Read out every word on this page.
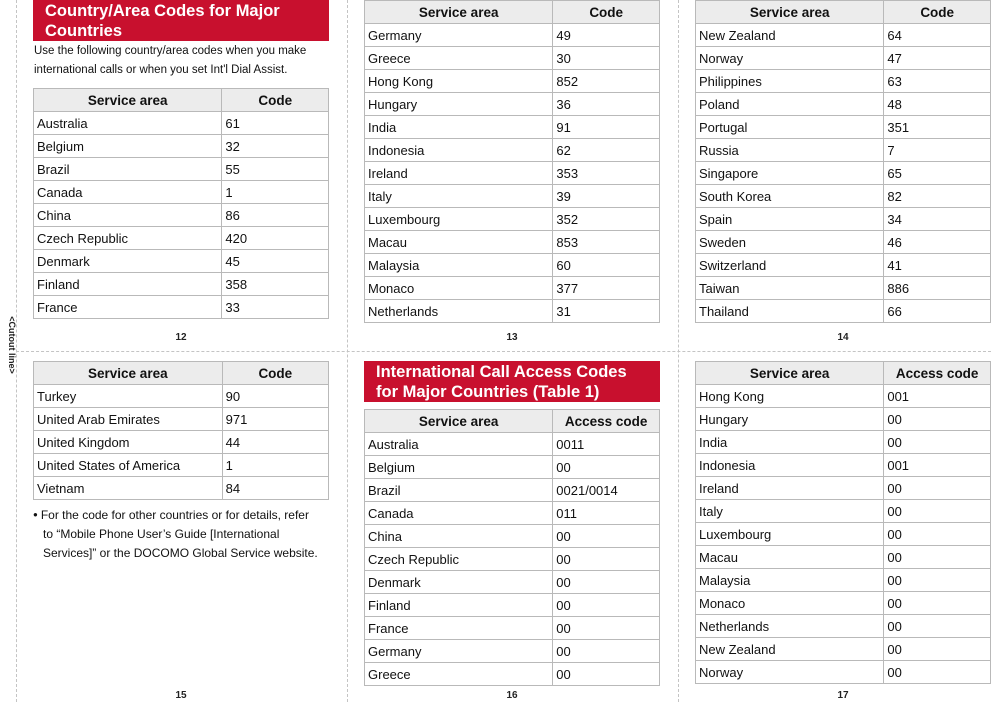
<Cutout line>
Country/Area Codes for Major Countries
Use the following country/area codes when you make international calls or when you set Int'l Dial Assist.
Service area	Code
Australia	61
Belgium	32
Brazil	55
Canada	1
China	86
Czech Republic	420
Denmark	45
Finland	358
France	33
12
Service area	Code
Germany	49
Greece	30
Hong Kong	852
Hungary	36
India	91
Indonesia	62
Ireland	353
Italy	39
Luxembourg	352
Macau	853
Malaysia	60
Monaco	377
Netherlands	31
13
Service area	Code
New Zealand	64
Norway	47
Philippines	63
Poland	48
Portugal	351
Russia	7
Singapore	65
South Korea	82
Spain	34
Sweden	46
Switzerland	41
Taiwan	886
Thailand	66
14
Service area	Code
Turkey	90
United Arab Emirates	971
United Kingdom	44
United States of America	1
Vietnam	84
● For the code for other countries or for details, refer
to “Mobile Phone User’s Guide [International
Services]” or the DOCOMO Global Service website.
15
International Call Access Codes for Major Countries (Table 1)
Service area	Access code
Australia	0011
Belgium	00
Brazil	0021/0014
Canada	011
China	00
Czech Republic	00
Denmark	00
Finland	00
France	00
Germany	00
Greece	00
16
Service area	Access code
Hong Kong	001
Hungary	00
India	00
Indonesia	001
Ireland	00
Italy	00
Luxembourg	00
Macau	00
Malaysia	00
Monaco	00
Netherlands	00
New Zealand	00
Norway	00
17
